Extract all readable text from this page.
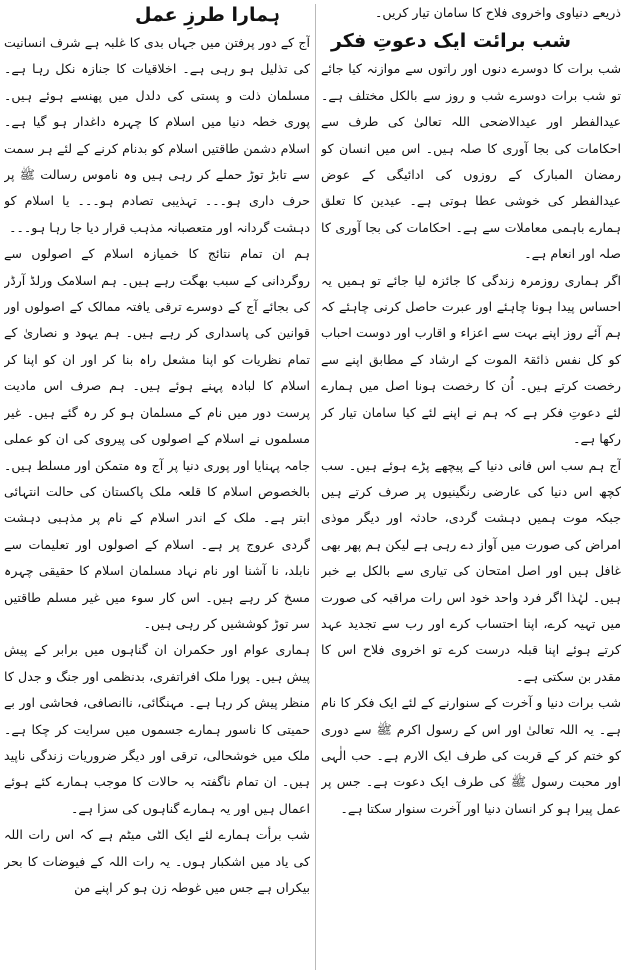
ذریعے دنیاوی واخروی فلاح کا سامان تیار کریں۔

شب برائت ایک دعوتِ فکر

شب برات کا دوسرے دنوں اور راتوں سے موازنہ کیا جائے تو شب برات دوسرے شب و روز سے بالکل مختلف ہے۔ عیدالفطر اور عیدالاضحی اللہ تعالیٰ کی طرف سے احکامات کی بجا آوری کا صلہ ہیں۔ اس میں انسان کو رمضان المبارک کے روزوں کی ادائیگی کے عوض عیدالفطر کی خوشی عطا ہوتی ہے۔ عیدین کا تعلق ہمارے باہمی معاملات سے ہے۔ احکامات کی بجا آوری کا صلہ اور انعام ہے۔

اگر ہماری روزمرہ زندگی کا جائزہ لیا جائے تو ہمیں یہ احساس پیدا ہونا چاہئے اور عبرت حاصل کرنی چاہئے کہ ہم آئے روز اپنے بہت سے اعزاء و اقارب اور دوست احباب کو کل نفس ذائقۃ الموت کے ارشاد کے مطابق اپنے سے رخصت کرتے ہیں۔ اُن کا رخصت ہونا اصل میں ہمارے لئے دعوتِ فکر ہے کہ ہم نے اپنے لئے کیا سامان تیار کر رکھا ہے۔

آج ہم سب اس فانی دنیا کے پیچھے پڑے ہوئے ہیں۔ سب کچھ اس دنیا کی عارضی رنگینیوں پر صرف کرتے ہیں جبکہ موت ہمیں دہشت گردی، حادثہ اور دیگر موذی امراض کی صورت میں آواز دے رہی ہے لیکن ہم پھر بھی غافل ہیں اور اصل امتحان کی تیاری سے بالکل بے خبر ہیں۔ لہٰذا اگر فرد واحد خود اس رات مراقبہ کی صورت میں تہیہ کرے، اپنا احتساب کرے اور رب سے تجدید عہد کرتے ہوئے اپنا قبلہ درست کرے تو اخروی فلاح اس کا مقدر بن سکتی ہے۔

شب برات دنیا و آخرت کے سنوارنے کے لئے ایک فکر کا نام ہے۔ یہ اللہ تعالیٰ اور اس کے رسول اکرم ﷺ سے دوری کو ختم کر کے قربت کی طرف ایک الارم ہے۔ حب الٰہی اور محبت رسول ﷺ کی طرف ایک دعوت ہے۔ جس پر عمل پیرا ہو کر انسان دنیا اور آخرت سنوار سکتا ہے۔

ہمارا طرزِ عمل

آج کے دور پرفتن میں جہاں بدی کا غلبہ ہے شرف انسانیت کی تذلیل ہو رہی ہے۔ اخلاقیات کا جنازہ نکل رہا ہے۔ مسلمان ذلت و پستی کی دلدل میں پھنسے ہوئے ہیں۔ پوری خطہ دنیا میں اسلام کا چہرہ داغدار ہو گیا ہے۔ اسلام دشمن طاقتیں اسلام کو بدنام کرنے کے لئے ہر سمت سے تابڑ توڑ حملے کر رہی ہیں وہ ناموس رسالت ﷺ پر حرف داری ہو۔۔۔ تہذیبی تصادم ہو۔۔۔ یا اسلام کو دہشت گردانہ اور متعصبانہ مذہب قرار دیا جا رہا ہو۔۔۔

ہم ان تمام نتائج کا خمیازہ اسلام کے اصولوں سے روگردانی کے سبب بھگت رہے ہیں۔ ہم اسلامک ورلڈ آرڈر کی بجائے آج کے دوسرے ترقی یافتہ ممالک کے اصولوں اور قوانین کی پاسداری کر رہے ہیں۔ ہم یہود و نصاریٰ کے تمام نظریات کو اپنا مشعل راہ بنا کر اور ان کو اپنا کر اسلام کا لبادہ پہنے ہوئے ہیں۔ ہم صرف اس مادیت پرست دور میں نام کے مسلمان ہو کر رہ گئے ہیں۔ غیر مسلموں نے اسلام کے اصولوں کی پیروی کی ان کو عملی جامہ پہنایا اور پوری دنیا پر آج وہ متمکن اور مسلط ہیں۔ بالخصوص اسلام کا قلعہ ملک پاکستان کی حالت انتہائی ابتر ہے۔ ملک کے اندر اسلام کے نام پر مذہبی دہشت گردی عروج پر ہے۔ اسلام کے اصولوں اور تعلیمات سے نابلد، نا آشنا اور نام نہاد مسلمان اسلام کا حقیقی چہرہ مسخ کر رہے ہیں۔ اس کار سوء میں غیر مسلم طاقتیں سر توڑ کوششیں کر رہی ہیں۔

ہماری عوام اور حکمران ان گناہوں میں برابر کے پیش پیش ہیں۔ پورا ملک افراتفری، بدنظمی اور جنگ و جدل کا منظر پیش کر رہا ہے۔ مہنگائی، ناانصافی، فحاشی اور بے حمیتی کا ناسور ہمارے جسموں میں سرایت کر چکا ہے۔ ملک میں خوشحالی، ترقی اور دیگر ضروریات زندگی ناپید ہیں۔ ان تمام ناگفتہ بہ حالات کا موجب ہمارے کئے ہوئے اعمال ہیں اور یہ ہمارے گناہوں کی سزا ہے۔

شب برأت ہمارے لئے ایک الٹی میٹم ہے کہ اس رات اللہ کی یاد میں اشکبار ہوں۔ یہ رات اللہ کے فیوضات کا بحر بیکراں ہے جس میں غوطہ زن ہو کر اپنے من
